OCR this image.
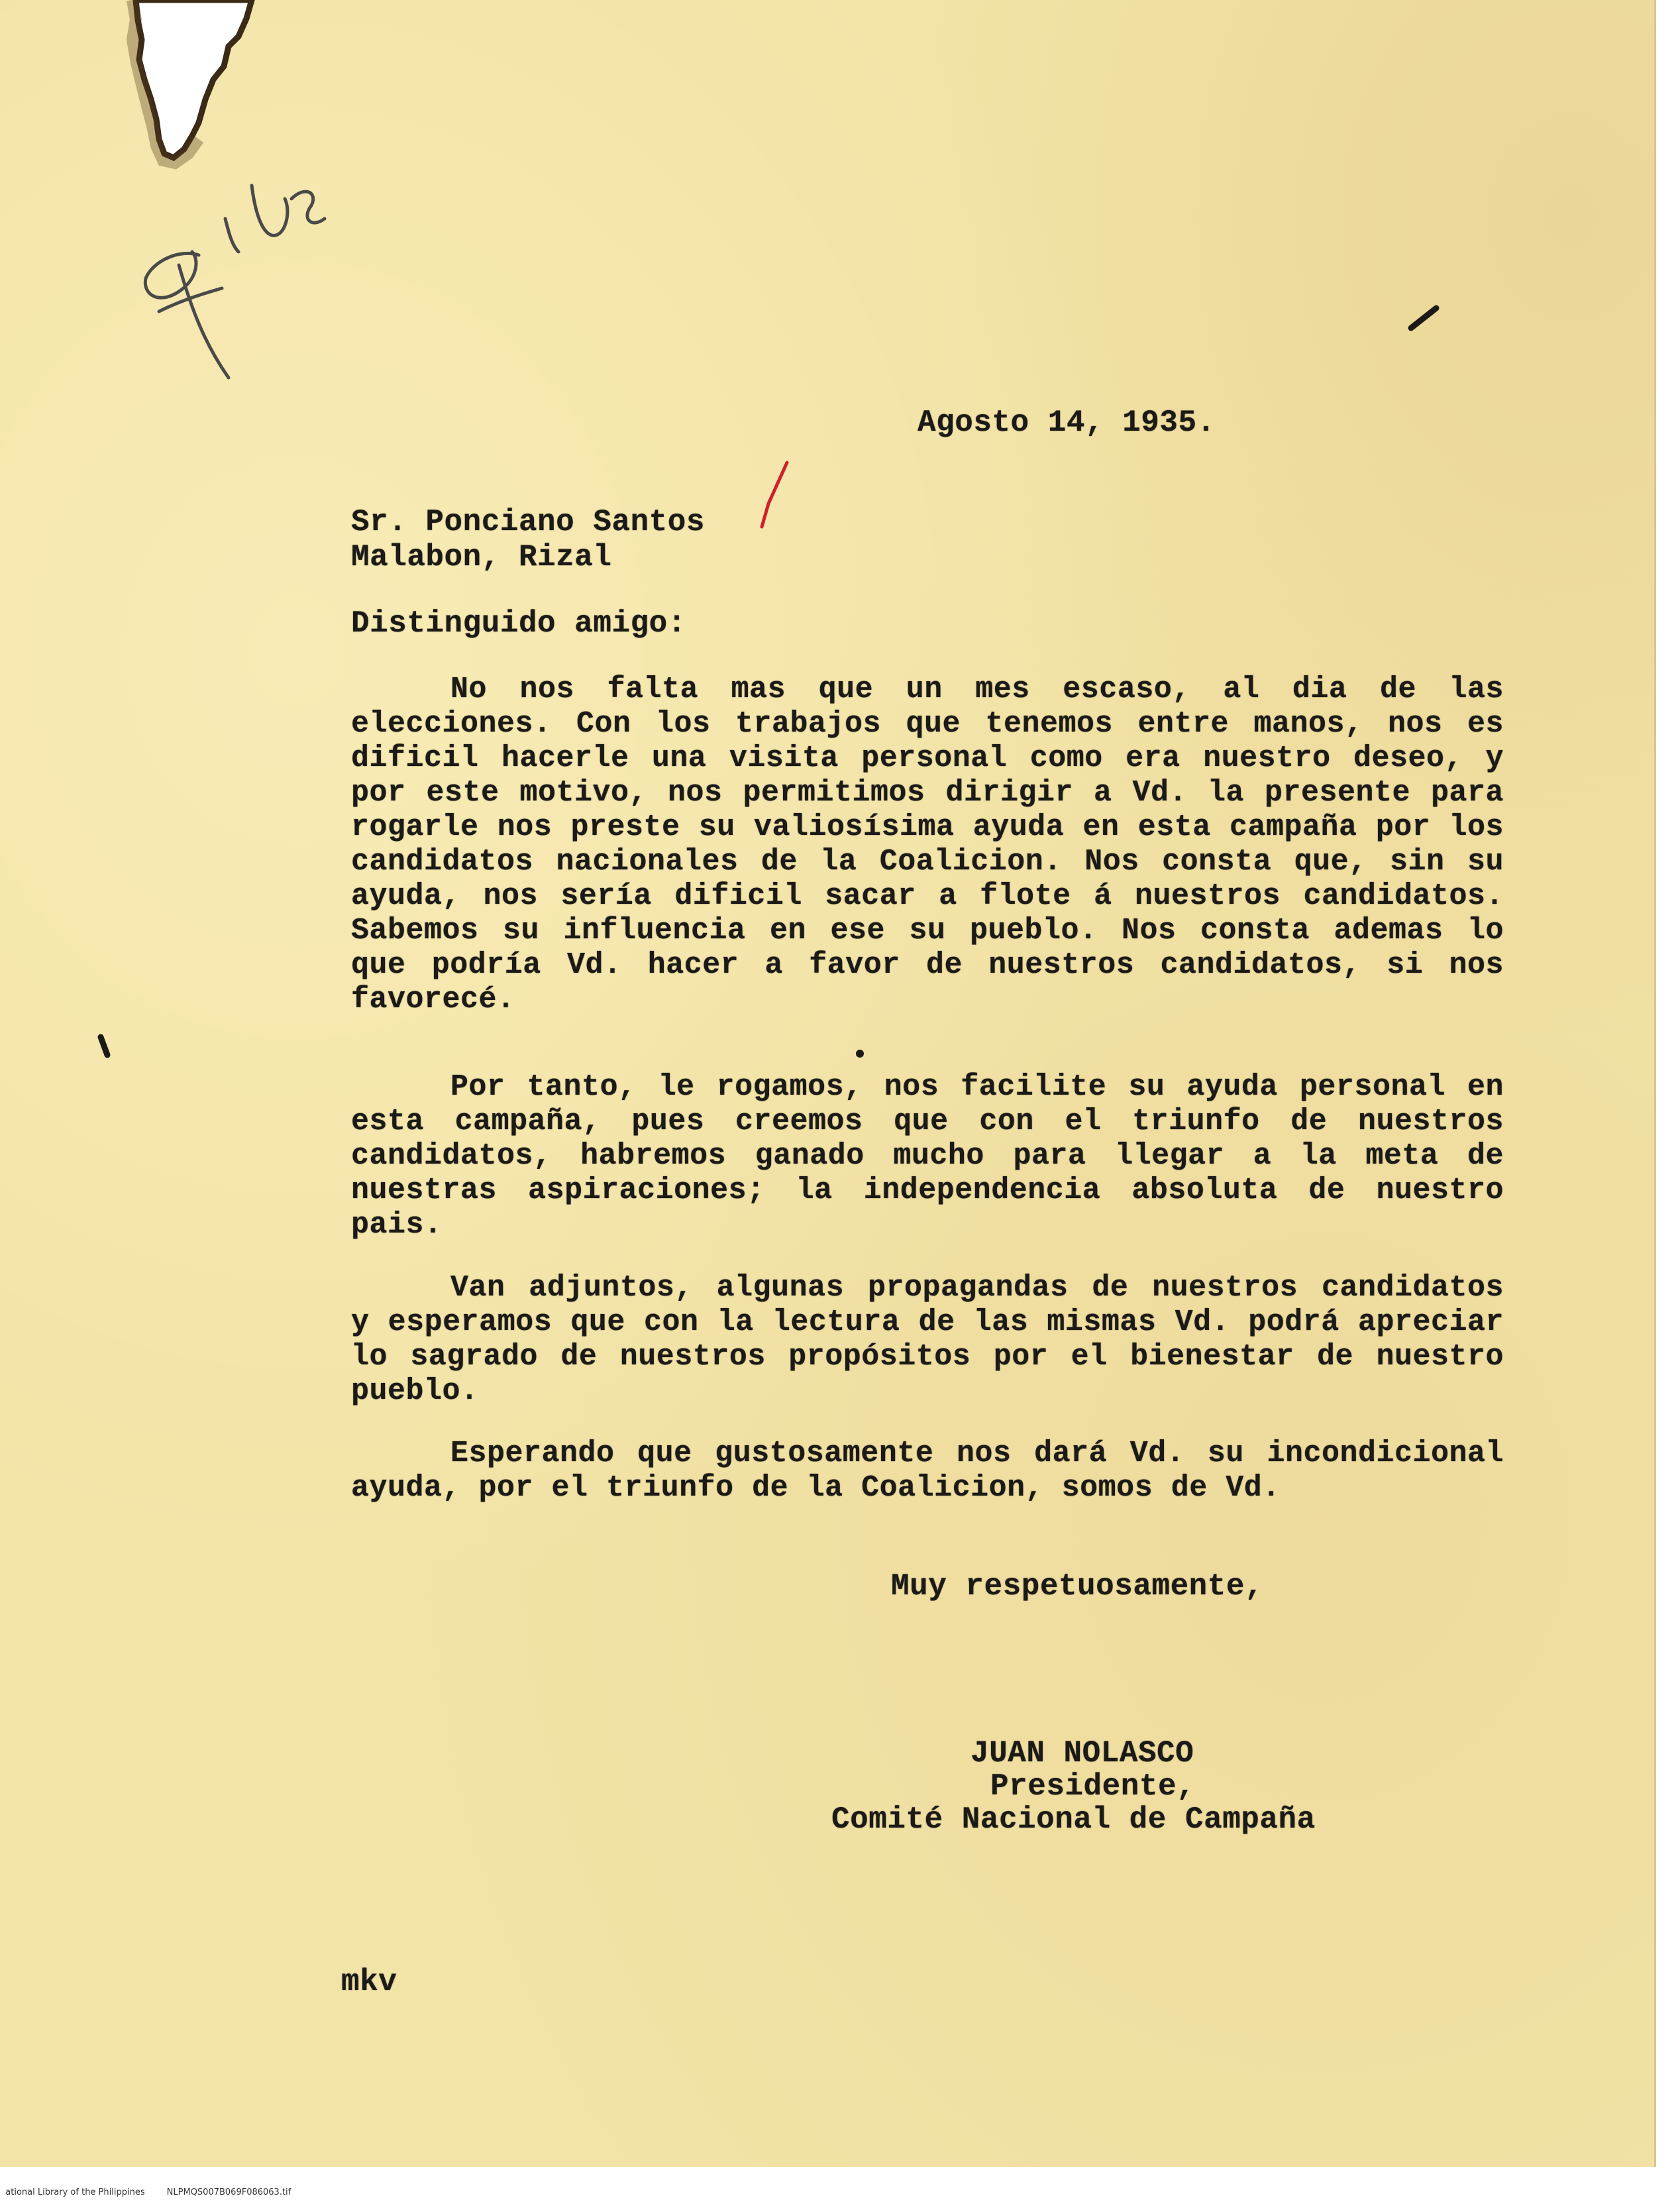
Agosto 14, 1935.
Sr. Ponciano Santos
Malabon, Rizal
Distinguido amigo:
No nos falta mas que un mes escaso, al dia de las elecciones. Con los trabajos que tenemos entre manos, nos es dificil hacerle una visita personal como era nuestro deseo, y por este motivo, nos permitimos dirigir a Vd. la presente para rogarle nos preste su valiosísima ayuda en esta campaña por los candidatos nacionales de la Coalicion. Nos consta que, sin su ayuda, nos sería dificil sacar a flote á nuestros candidatos. Sabemos su influencia en ese su pueblo. Nos consta ademas lo que podría Vd. hacer a favor de nuestros candidatos, si nos favorecé.
Por tanto, le rogamos, nos facilite su ayuda personal en esta campaña, pues creemos que con el triunfo de nuestros candidatos, habremos ganado mucho para llegar a la meta de nuestras aspiraciones; la independencia absoluta de nuestro pais.
Van adjuntos, algunas propagandas de nuestros candidatos y esperamos que con la lectura de las mismas Vd. podrá apreciar lo sagrado de nuestros propósitos por el bienestar de nuestro pueblo.
Esperando que gustosamente nos dará Vd. su incondicional ayuda, por el triunfo de la Coalicion, somos de Vd.
Muy respetuosamente,
JUAN NOLASCO
Presidente,
Comité Nacional de Campaña
mkv

ational Library of the Philippines	NLPMQS007B069F086063.tif
